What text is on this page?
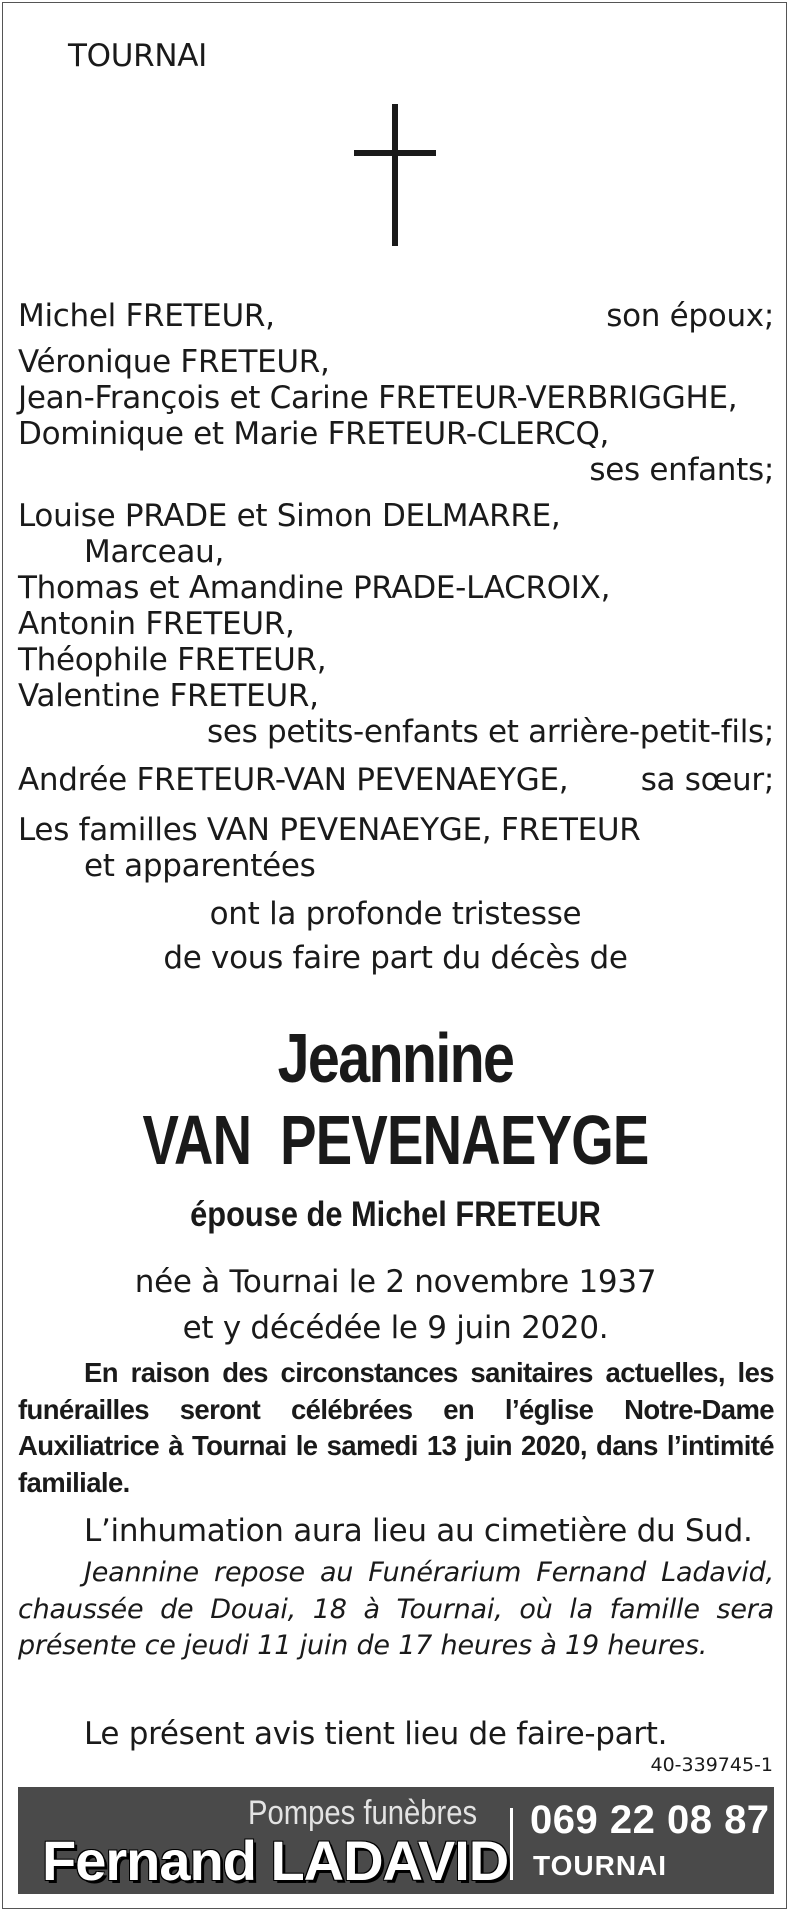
TOURNAI
Michel FRETEUR,	son époux;
Véronique FRETEUR,
Jean-François et Carine FRETEUR-VERBRIGGHE,
Dominique et Marie FRETEUR-CLERCQ,
ses enfants;
Louise PRADE et Simon DELMARRE,
Marceau,
Thomas et Amandine PRADE-LACROIX,
Antonin FRETEUR,
Théophile FRETEUR,
Valentine FRETEUR,
ses petits-enfants et arrière-petit-fils;
Andrée FRETEUR-VAN PEVENAEYGE, sa sœur;
Les familles VAN PEVENAEYGE, FRETEUR
et apparentées
ont la profonde tristesse
de vous faire part du décès de
Jeannine
VAN  PEVENAEYGE
épouse de Michel FRETEUR
née à Tournai le 2 novembre 1937
et y décédée le 9 juin 2020.
En raison des circonstances sanitaires actuelles, les funérailles seront célébrées en l’église Notre-Dame Auxiliatrice à Tournai le samedi 13 juin 2020, dans l’intimité familiale.
L’inhumation aura lieu au cimetière du Sud.
Jeannine repose au Funérarium Fernand Ladavid, chaussée de Douai, 18 à Tournai, où la famille sera présente ce jeudi 11 juin de 17 heures à 19 heures.
Le présent avis tient lieu de faire-part.
40-339745-1
Pompes funèbres
Fernand LADAVID
069 22 08 87
TOURNAI
